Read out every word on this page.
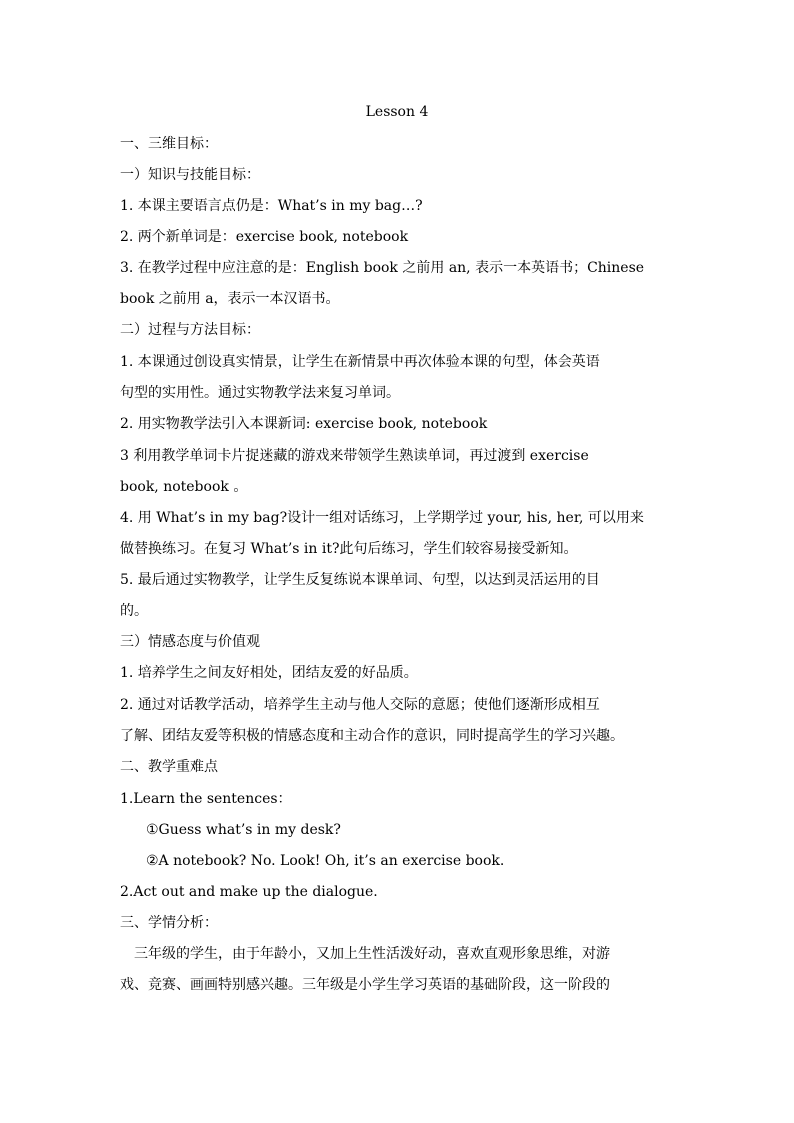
Lesson 4
一、三维目标：
一）知识与技能目标：
1. 本课主要语言点仍是：What’s in my bag…?
2. 两个新单词是：exercise book, notebook
3. 在教学过程中应注意的是：English book 之前用 an, 表示一本英语书；Chinese
book 之前用 a，表示一本汉语书。
二）过程与方法目标：
1. 本课通过创设真实情景，让学生在新情景中再次体验本课的句型，体会英语
句型的实用性。通过实物教学法来复习单词。
2. 用实物教学法引入本课新词: exercise book, notebook
3 利用教学单词卡片捉迷藏的游戏来带领学生熟读单词，再过渡到 exercise
book, notebook 。
4. 用 What’s in my bag?设计一组对话练习，上学期学过 your, his, her, 可以用来
做替换练习。在复习 What’s in it?此句后练习，学生们较容易接受新知。
5. 最后通过实物教学，让学生反复练说本课单词、句型，以达到灵活运用的目
的。
三）情感态度与价值观
1. 培养学生之间友好相处，团结友爱的好品质。
2. 通过对话教学活动，培养学生主动与他人交际的意愿；使他们逐渐形成相互
了解、团结友爱等积极的情感态度和主动合作的意识，同时提高学生的学习兴趣。
二、教学重难点
1.Learn the sentences：
①Guess what’s in my desk?
②A notebook? No. Look! Oh, it’s an exercise book.
2.Act out and make up the dialogue.
三、学情分析：
三年级的学生，由于年龄小，又加上生性活泼好动，喜欢直观形象思维，对游
戏、竞赛、画画特别感兴趣。三年级是小学生学习英语的基础阶段，这一阶段的
